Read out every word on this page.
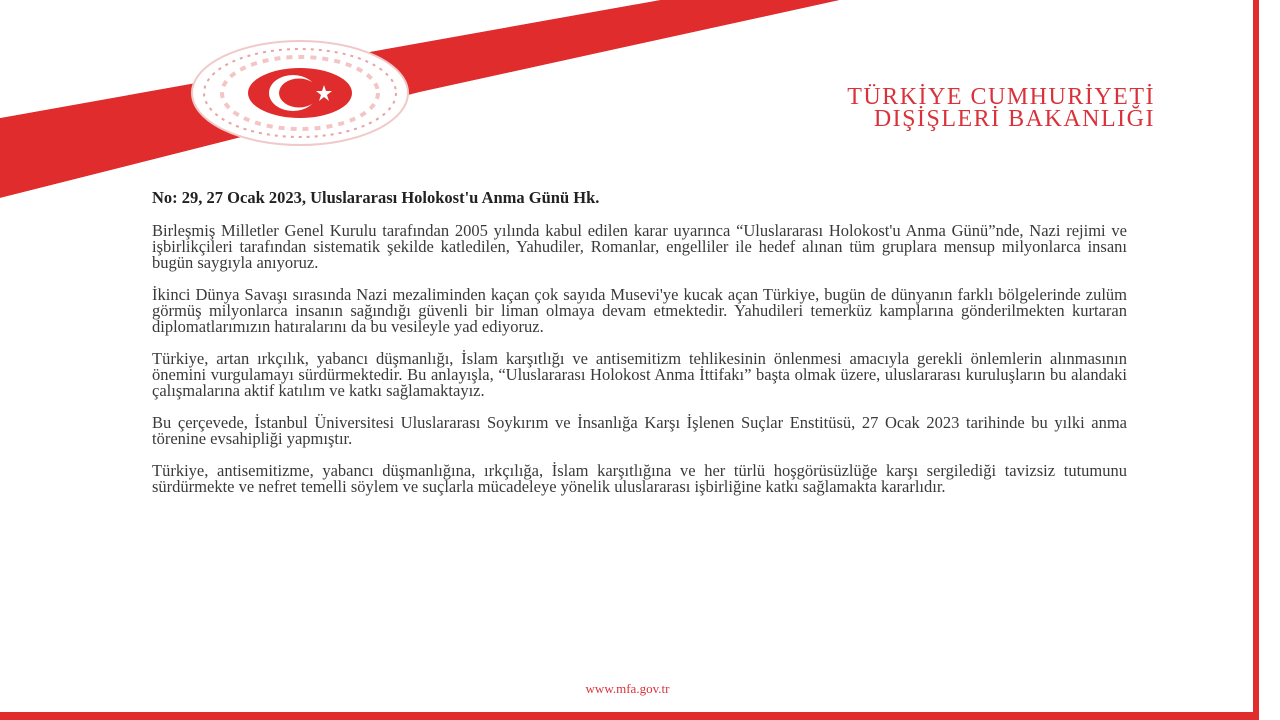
TÜRKİYE CUMHURİYETİ
DIŞİŞLERİ BAKANLIĞI
No: 29, 27 Ocak 2023, Uluslararası Holokost'u Anma Günü Hk.

Birleşmiş Milletler Genel Kurulu tarafından 2005 yılında kabul edilen karar uyarınca “Uluslararası Holokost'u Anma Günü”nde, Nazi rejimi ve işbirlikçileri tarafından sistematik şekilde katledilen, Yahudiler, Romanlar, engelliler ile hedef alınan tüm gruplara mensup milyonlarca insanı bugün saygıyla anıyoruz.

İkinci Dünya Savaşı sırasında Nazi mezaliminden kaçan çok sayıda Musevi'ye kucak açan Türkiye, bugün de dünyanın farklı bölgelerinde zulüm görmüş milyonlarca insanın sağındığı güvenli bir liman olmaya devam etmektedir. Yahudileri temerküz kamplarına gönderilmekten kurtaran diplomatlarımızın hatıralarını da bu vesileyle yad ediyoruz.

Türkiye, artan ırkçılık, yabancı düşmanlığı, İslam karşıtlığı ve antisemitizm tehlikesinin önlenmesi amacıyla gerekli önlemlerin alınmasının önemini vurgulamayı sürdürmektedir. Bu anlayışla, “Uluslararası Holokost Anma İttifakı” başta olmak üzere, uluslararası kuruluşların bu alandaki çalışmalarına aktif katılım ve katkı sağlamaktayız.

Bu çerçevede, İstanbul Üniversitesi Uluslararası Soykırım ve İnsanlığa Karşı İşlenen Suçlar Enstitüsü, 27 Ocak 2023 tarihinde bu yılki anma törenine evsahipliği yapmıştır.

Türkiye, antisemitizme, yabancı düşmanlığına, ırkçılığa, İslam karşıtlığına ve her türlü hoşgörüsüzlüğe karşı sergilediği tavizsiz tutumunu sürdürmekte ve nefret temelli söylem ve suçlarla mücadeleye yönelik uluslararası işbirliğine katkı sağlamakta kararlıdır.

www.mfa.gov.tr
